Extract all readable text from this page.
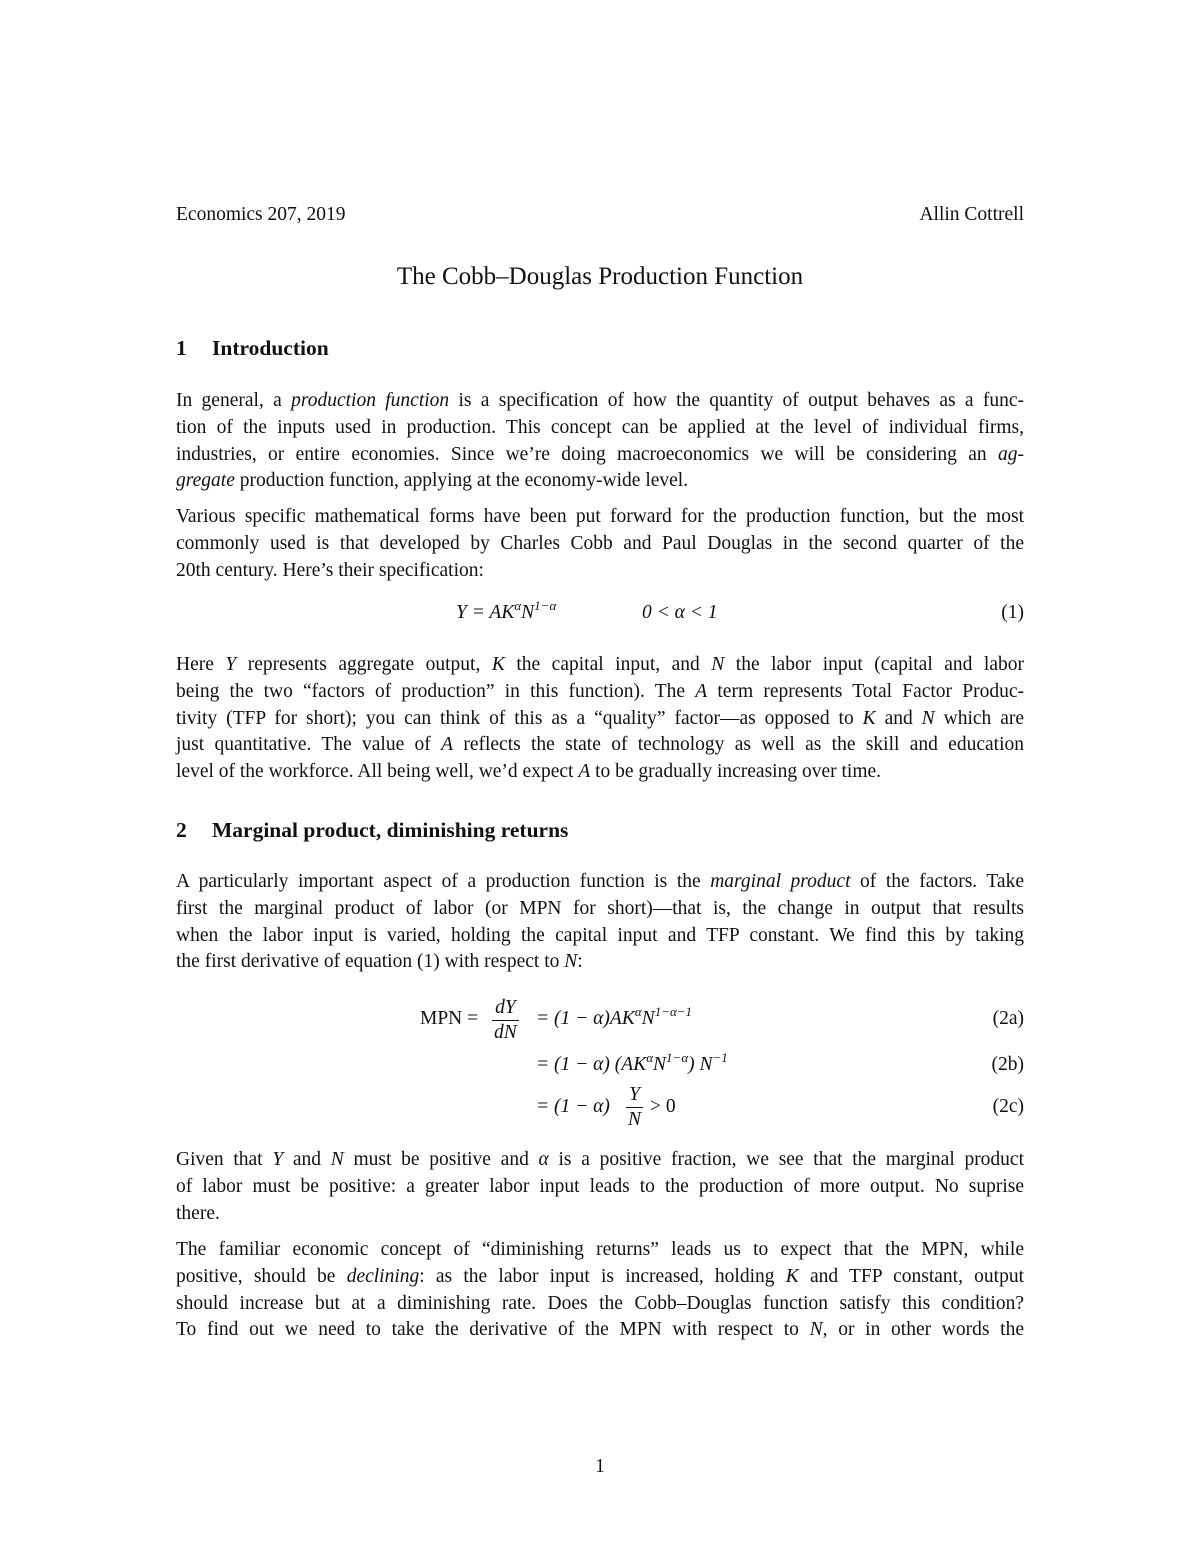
Economics 207, 2019	Allin Cottrell
The Cobb–Douglas Production Function
1 Introduction
In general, a production function is a specification of how the quantity of output behaves as a func-
tion of the inputs used in production. This concept can be applied at the level of individual firms,
industries, or entire economies. Since we’re doing macroeconomics we will be considering an ag-
gregate production function, applying at the economy-wide level.
Various specific mathematical forms have been put forward for the production function, but the most
commonly used is that developed by Charles Cobb and Paul Douglas in the second quarter of the
20th century. Here’s their specification:
$Y = AK^\alpha N^{1-\alpha}$	0 < α < 1	(1)
Here Y represents aggregate output, K the capital input, and N the labor input (capital and labor
being the two “factors of production” in this function). The A term represents Total Factor Produc-
tivity (TFP for short); you can think of this as a “quality” factor—as opposed to K and N which are
just quantitative. The value of A reflects the state of technology as well as the skill and education
level of the workforce. All being well, we’d expect A to be gradually increasing over time.
2 Marginal product, diminishing returns
A particularly important aspect of a production function is the marginal product of the factors. Take
first the marginal product of labor (or MPN for short)—that is, the change in output that results
when the labor input is varied, holding the capital input and TFP constant. We find this by taking
the first derivative of equation (1) with respect to N:
MPN = $\frac{dY}{dN} = (1 - \alpha)AK^\alpha N^{1-\alpha-1}$	(2a)
= (1 − α) $(AK^\alpha N^{1-\alpha})$ $N^{-1}$	(2b)
= $(1 - \alpha) \frac{Y}{N} > 0$	(2c)
Given that Y and N must be positive and α is a positive fraction, we see that the marginal product
of labor must be positive: a greater labor input leads to the production of more output. No suprise
there.
The familiar economic concept of “diminishing returns” leads us to expect that the MPN, while
positive, should be declining: as the labor input is increased, holding K and TFP constant, output
should increase but at a diminishing rate. Does the Cobb–Douglas function satisfy this condition?
To find out we need to take the derivative of the MPN with respect to N, or in other words the
1
